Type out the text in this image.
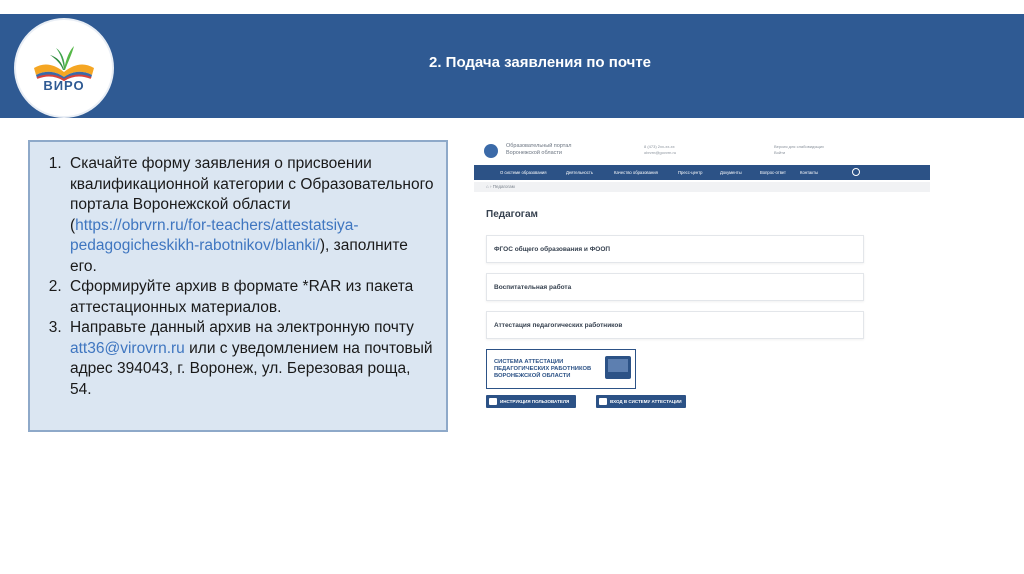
2. Подача заявления по почте
ВИРО
1. Скачайте форму заявления о присвоении квалификационной категории с Образовательного портала Воронежской области (https://obrvrn.ru/for-teachers/attestatsiya-pedagogicheskikh-rabotnikov/blanki/), заполните его.
2. Сформируйте архив в формате *RAR из пакета аттестационных материалов.
3. Направьте данный архив на электронную почту att36@virovrn.ru или с уведомлением на почтовый адрес 394043, г. Воронеж, ул. Березовая роща, 54.
Образовательный портал
Воронежской области
8 (473) 2xx-xx-xx
obrvrn@govvrn.ru
Версия для слабовидящих
Войти
О системе образования	Деятельность	Качество образования	Пресс-центр	Документы	Вопрос-ответ	Контакты
⌂ › Педагогам
Педагогам
ФГОС общего образования и ФООП
Воспитательная работа
Аттестация педагогических работников
СИСТЕМА АТТЕСТАЦИИ ПЕДАГОГИЧЕСКИХ РАБОТНИКОВ ВОРОНЕЖСКОЙ ОБЛАСТИ
ИНСТРУКЦИЯ ПОЛЬЗОВАТЕЛЯ	ВХОД В СИСТЕМУ АТТЕСТАЦИИ
